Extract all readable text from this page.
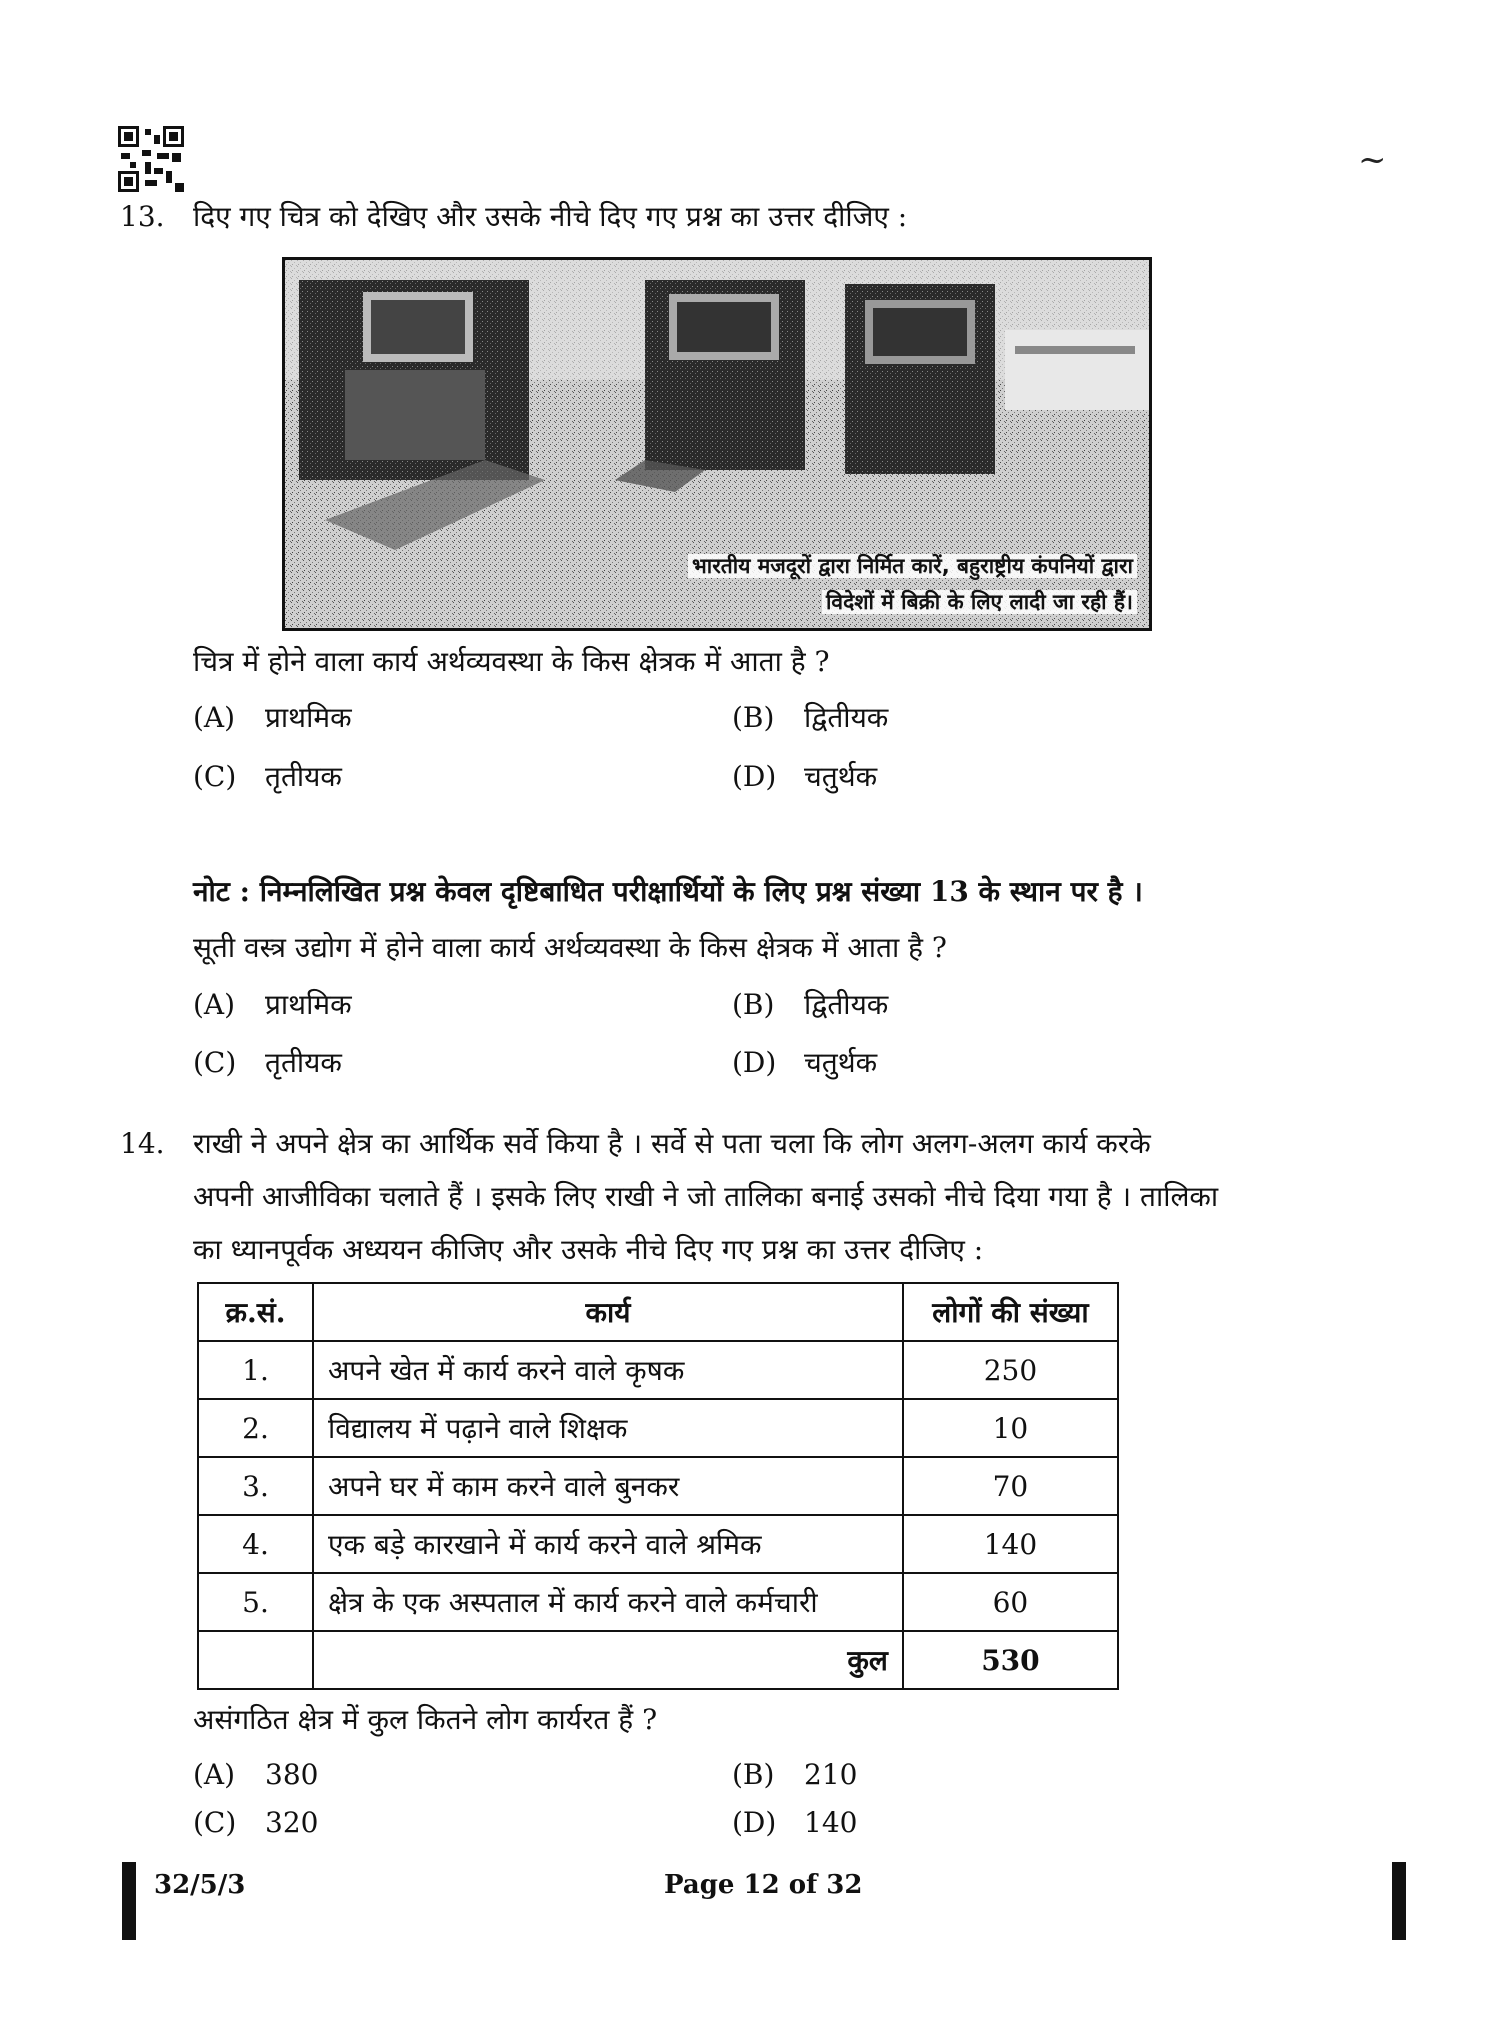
~
13. दिए गए चित्र को देखिए और उसके नीचे दिए गए प्रश्न का उत्तर दीजिए :
भारतीय मजदूरों द्वारा निर्मित कारें, बहुराष्ट्रीय कंपनियों द्वारा
विदेशों में बिक्री के लिए लादी जा रही हैं।
चित्र में होने वाला कार्य अर्थव्यवस्था के किस क्षेत्रक में आता है ?
(A) प्राथमिक	(B) द्वितीयक
(C) तृतीयक	(D) चतुर्थक
नोट : निम्नलिखित प्रश्न केवल दृष्टिबाधित परीक्षार्थियों के लिए प्रश्न संख्या 13 के स्थान पर है ।
सूती वस्त्र उद्योग में होने वाला कार्य अर्थव्यवस्था के किस क्षेत्रक में आता है ?
(A) प्राथमिक	(B) द्वितीयक
(C) तृतीयक	(D) चतुर्थक
14. राखी ने अपने क्षेत्र का आर्थिक सर्वे किया है । सर्वे से पता चला कि लोग अलग-अलग कार्य करके
अपनी आजीविका चलाते हैं । इसके लिए राखी ने जो तालिका बनाई उसको नीचे दिया गया है । तालिका
का ध्यानपूर्वक अध्ययन कीजिए और उसके नीचे दिए गए प्रश्न का उत्तर दीजिए :
क्र.सं.	कार्य	लोगों की संख्या
1.	अपने खेत में कार्य करने वाले कृषक	250
2.	विद्यालय में पढ़ाने वाले शिक्षक	10
3.	अपने घर में काम करने वाले बुनकर	70
4.	एक बड़े कारखाने में कार्य करने वाले श्रमिक	140
5.	क्षेत्र के एक अस्पताल में कार्य करने वाले कर्मचारी	60
	कुल	530
असंगठित क्षेत्र में कुल कितने लोग कार्यरत हैं ?
(A) 380	(B) 210
(C) 320	(D) 140
32/5/3	Page 12 of 32
